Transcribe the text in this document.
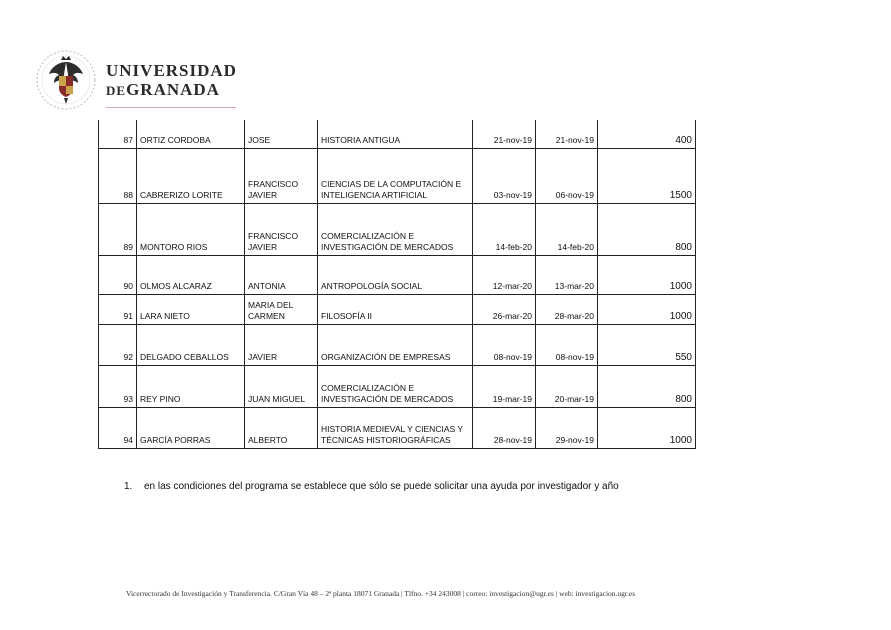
UNIVERSIDAD
DEGRANADA
87	ORTIZ CORDOBA	JOSE	HISTORIA ANTIGUA	21-nov-19	21-nov-19	400
88	CABRERIZO LORITE	FRANCISCO JAVIER	CIENCIAS DE LA COMPUTACIÓN E INTELIGENCIA ARTIFICIAL	03-nov-19	06-nov-19	1500
89	MONTORO RIOS	FRANCISCO JAVIER	COMERCIALIZACIÓN E INVESTIGACIÓN DE MERCADOS	14-feb-20	14-feb-20	800
90	OLMOS ALCARAZ	ANTONIA	ANTROPOLOGÍA SOCIAL	12-mar-20	13-mar-20	1000
91	LARA NIETO	MARIA DEL CARMEN	FILOSOFÍA II	26-mar-20	28-mar-20	1000
92	DELGADO CEBALLOS	JAVIER	ORGANIZACIÓN DE EMPRESAS	08-nov-19	08-nov-19	550
93	REY PINO	JUAN MIGUEL	COMERCIALIZACIÓN E INVESTIGACIÓN DE MERCADOS	19-mar-19	20-mar-19	800
94	GARCÍA PORRAS	ALBERTO	HISTORIA MEDIEVAL Y CIENCIAS Y TÉCNICAS HISTORIOGRÁFICAS	28-nov-19	29-nov-19	1000
1. en las condiciones del programa se establece que sólo se puede solicitar una ayuda por investigador y año
Vicerrectorado de Investigación y Transferencia. C/Gran Vía 48 – 2ª planta 18071 Granada | Tlfno. +34 243008 | correo: investigacion@ugr.es | web: investigacion.ugr.es
